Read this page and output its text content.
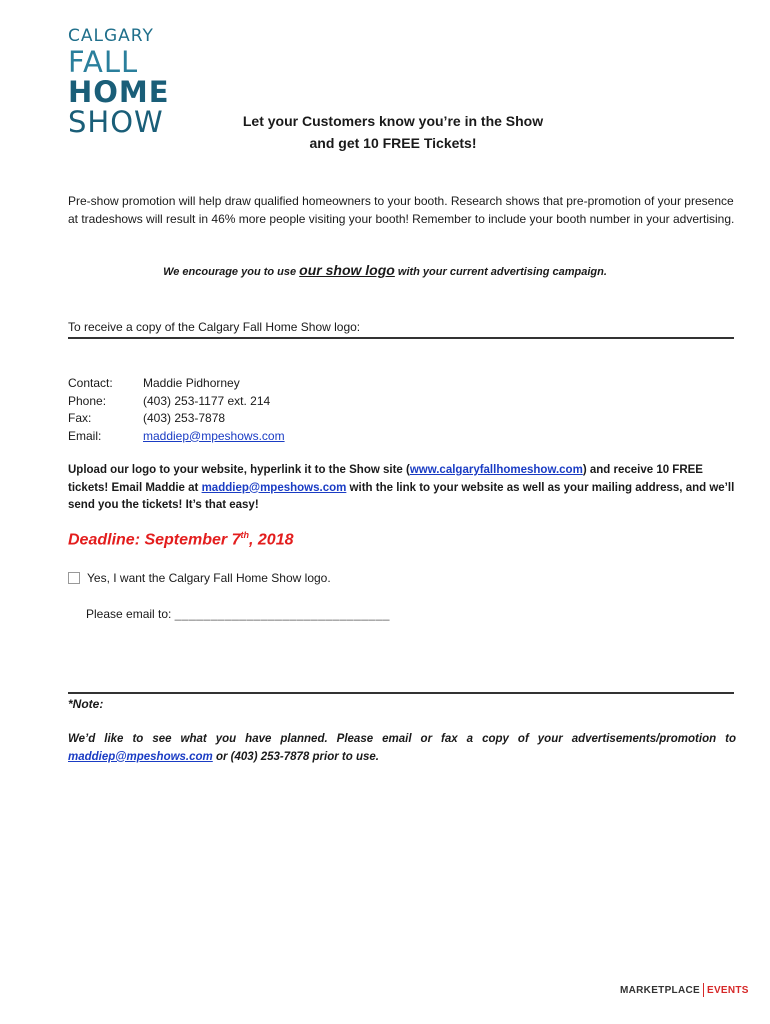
CALGARY
FALL
HOME
SHOW	Let your Customers know you’re in the Show
and get 10 FREE Tickets!
Pre-show promotion will help draw qualified homeowners to your booth. Research shows that pre-promotion of your presence at tradeshows will result in 46% more people visiting your booth! Remember to include your booth number in your advertising.
We encourage you to use our show logo with your current advertising campaign.
To receive a copy of the Calgary Fall Home Show logo:
Contact:	Maddie Pidhorney
Phone:	(403) 253-1177 ext. 214
Fax:	(403) 253-7878
Email:	maddiep@mpeshows.com
Upload our logo to your website, hyperlink it to the Show site (www.calgaryfallhomeshow.com) and receive 10 FREE tickets! Email Maddie at maddiep@mpeshows.com with the link to your website as well as your mailing address, and we’ll send you the tickets! It’s that easy!
Deadline: September 7th, 2018
Yes, I want the Calgary Fall Home Show logo.
Please email to: ______________________________
*Note:
We’d like to see what you have planned. Please email or fax a copy of your advertisements/promotion to maddiep@mpeshows.com or (403) 253-7878 prior to use.
MARKETPLACE EVENTS
